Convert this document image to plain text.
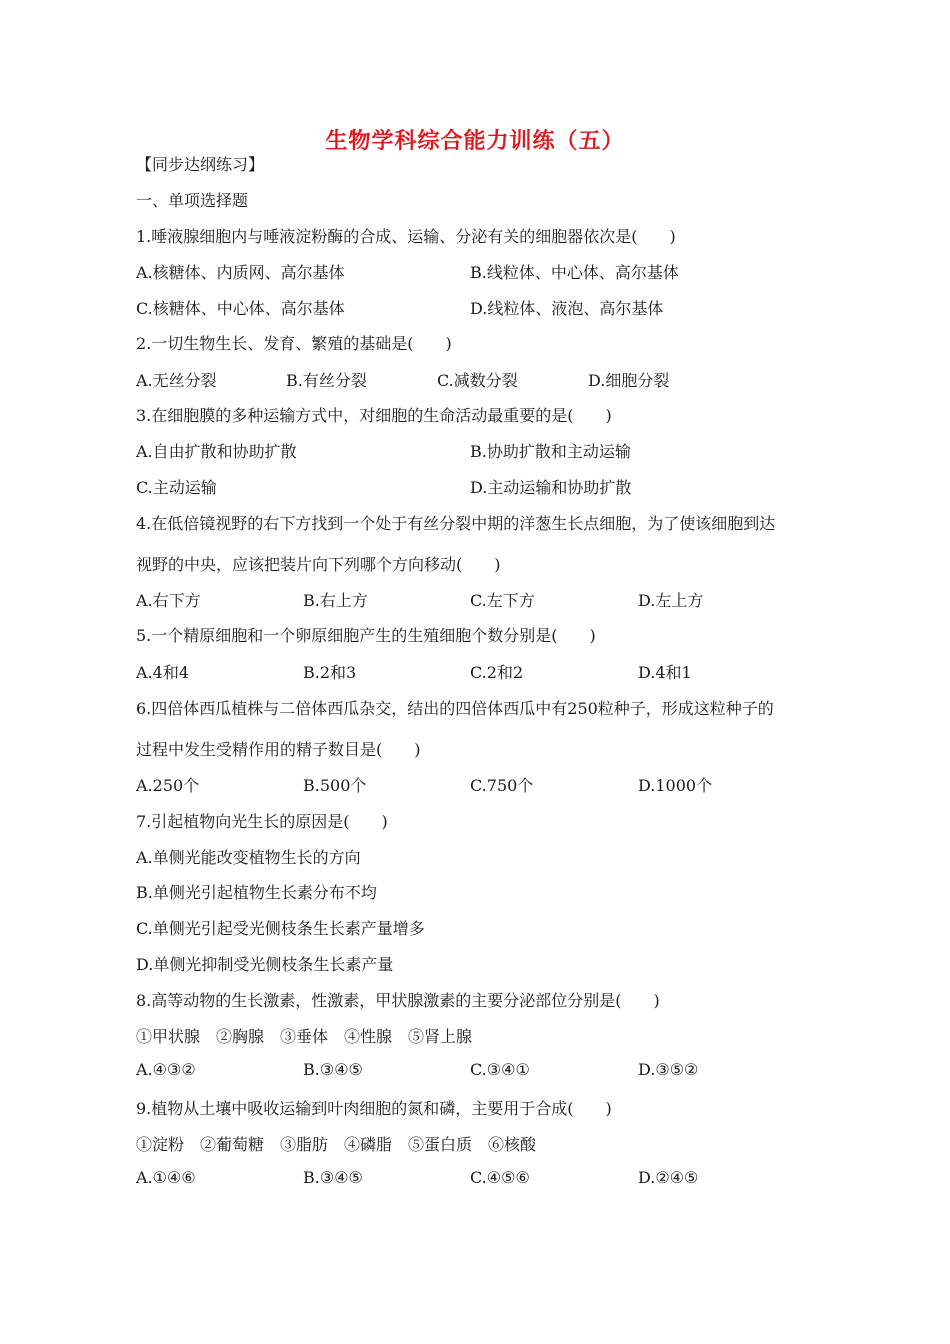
生物学科综合能力训练（五）
【同步达纲练习】
一、单项选择题
1.唾液腺细胞内与唾液淀粉酶的合成、运输、分泌有关的细胞器依次是(　　)
A.核糖体、内质网、高尔基体	B.线粒体、中心体、高尔基体
C.核糖体、中心体、高尔基体	D.线粒体、液泡、高尔基体
2.一切生物生长、发育、繁殖的基础是(　　)
A.无丝分裂	B.有丝分裂	C.减数分裂	D.细胞分裂
3.在细胞膜的多种运输方式中，对细胞的生命活动最重要的是(　　)
A.自由扩散和协助扩散	B.协助扩散和主动运输
C.主动运输	D.主动运输和协助扩散
4.在低倍镜视野的右下方找到一个处于有丝分裂中期的洋葱生长点细胞，为了使该细胞到达
视野的中央，应该把装片向下列哪个方向移动(　　)
A.右下方	B.右上方	C.左下方	D.左上方
5.一个精原细胞和一个卵原细胞产生的生殖细胞个数分别是(　　)
A.4和4	B.2和3	C.2和2	D.4和1
6.四倍体西瓜植株与二倍体西瓜杂交，结出的四倍体西瓜中有250粒种子，形成这粒种子的
过程中发生受精作用的精子数目是(　　)
A.250个	B.500个	C.750个	D.1000个
7.引起植物向光生长的原因是(　　)
A.单侧光能改变植物生长的方向
B.单侧光引起植物生长素分布不均
C.单侧光引起受光侧枝条生长素产量增多
D.单侧光抑制受光侧枝条生长素产量
8.高等动物的生长激素，性激素，甲状腺激素的主要分泌部位分别是(　　)
①甲状腺　②胸腺　③垂体　④性腺　⑤肾上腺
A.④③②	B.③④⑤	C.③④①	D.③⑤②
9.植物从土壤中吸收运输到叶肉细胞的氮和磷，主要用于合成(　　)
①淀粉　②葡萄糖　③脂肪　④磷脂　⑤蛋白质　⑥核酸
A.①④⑥	B.③④⑤	C.④⑤⑥	D.②④⑤
